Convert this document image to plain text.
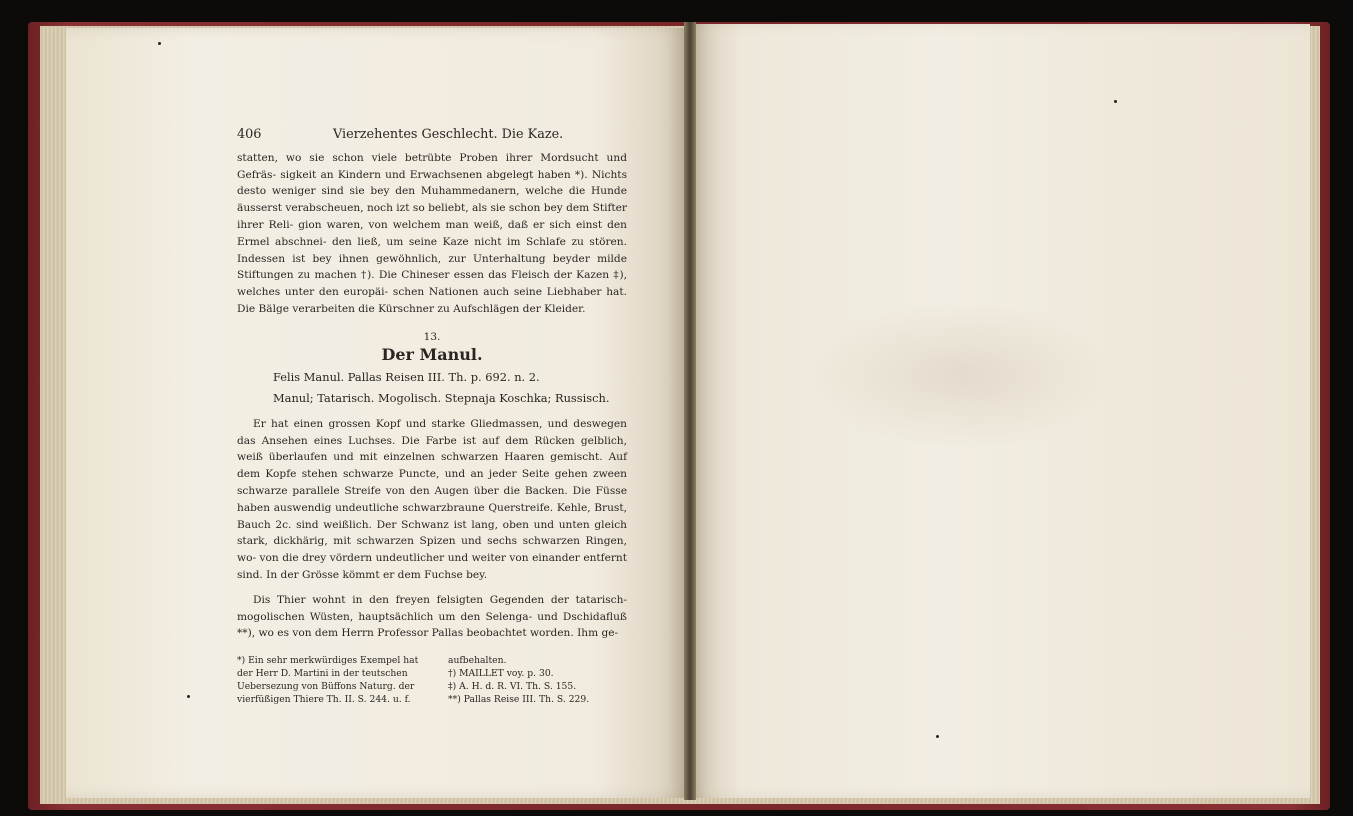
406	Vierzehentes Geschlecht. Die Kaze.

statten, wo sie schon viele betrübte Proben ihrer Mordsucht und Gefräs- sigkeit an Kindern und Erwachsenen abgelegt haben *). Nichts desto weniger sind sie bey den Muhammedanern, welche die Hunde äusserst verabscheuen, noch izt so beliebt, als sie schon bey dem Stifter ihrer Reli- gion waren, von welchem man weiß, daß er sich einst den Ermel abschnei- den ließ, um seine Kaze nicht im Schlafe zu stören. Indessen ist bey ihnen gewöhnlich, zur Unterhaltung beyder milde Stiftungen zu machen †). Die Chineser essen das Fleisch der Kazen ‡), welches unter den europäi- schen Nationen auch seine Liebhaber hat. Die Bälge verarbeiten die Kürschner zu Aufschlägen der Kleider.

13.
Der Manul.
Felis Manul. Pallas Reisen III. Th. p. 692. n. 2.
Manul; Tatarisch. Mogolisch. Stepnaja Koschka; Russisch.

Er hat einen grossen Kopf und starke Gliedmassen, und deswegen das Ansehen eines Luchses. Die Farbe ist auf dem Rücken gelblich, weiß überlaufen und mit einzelnen schwarzen Haaren gemischt. Auf dem Kopfe stehen schwarze Puncte, und an jeder Seite gehen zween schwarze parallele Streife von den Augen über die Backen. Die Füsse haben auswendig undeutliche schwarzbraune Querstreife. Kehle, Brust, Bauch 2c. sind weißlich. Der Schwanz ist lang, oben und unten gleich stark, dickhärig, mit schwarzen Spizen und sechs schwarzen Ringen, wo- von die drey vördern undeutlicher und weiter von einander entfernt sind. In der Grösse kömmt er dem Fuchse bey.

Dis Thier wohnt in den freyen felsigten Gegenden der tatarisch- mogolischen Wüsten, hauptsächlich um den Selenga- und Dschidafluß **), wo es von dem Herrn Professor Pallas beobachtet worden. Ihm ge-

*) Ein sehr merkwürdiges Exempel hat
der Herr D. Martini in der teutschen
Uebersezung von Büffons Naturg. der
vierfüßigen Thiere Th. II. S. 244. u. f.
aufbehalten.
†) MAILLET voy. p. 30.
‡) A. H. d. R. VI. Th. S. 155.
**) Pallas Reise III. Th. S. 229.
